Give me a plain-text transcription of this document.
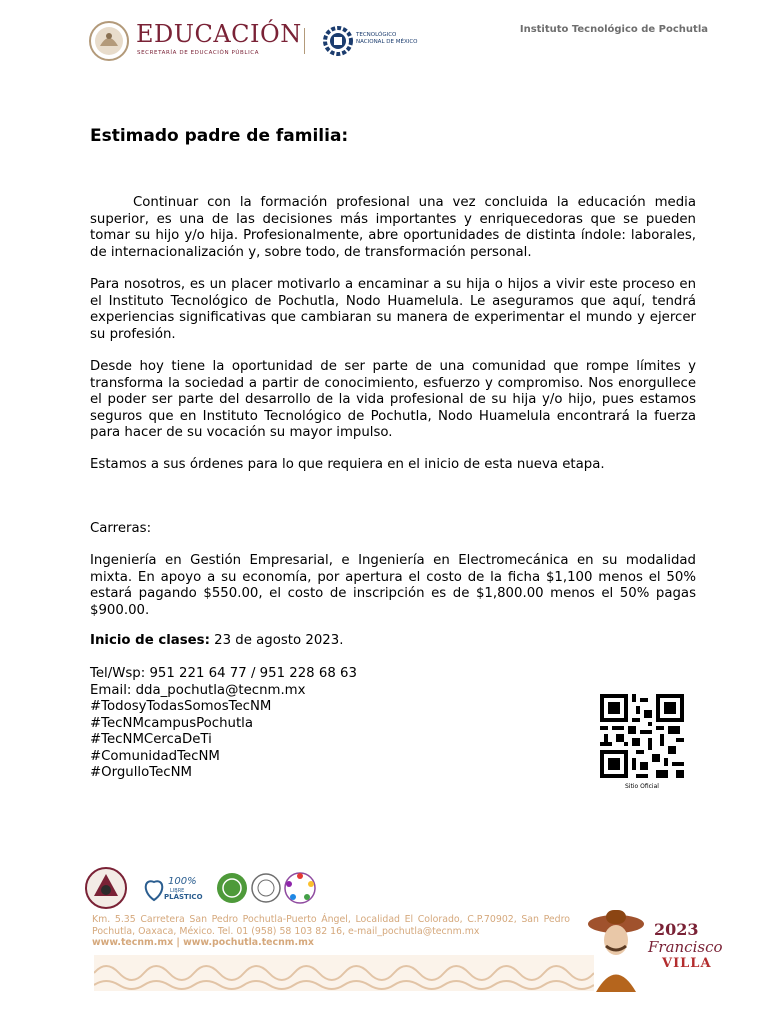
EDUCACIÓN
SECRETARÍA DE EDUCACIÓN PÚBLICA
TECNOLÓGICO
NACIONAL DE MÉXICO
Instituto Tecnológico de Pochutla
Estimado padre de familia:
Continuar con la formación profesional una vez concluida la educación media superior, es una de las decisiones más importantes y enriquecedoras que se pueden tomar su hijo y/o hija. Profesionalmente, abre oportunidades de distinta índole: laborales, de internacionalización y, sobre todo, de transformación personal.
Para nosotros, es un placer motivarlo a encaminar a su hija o hijos a vivir este proceso en el Instituto Tecnológico de Pochutla, Nodo Huamelula. Le aseguramos que aquí, tendrá experiencias significativas que cambiaran su manera de experimentar el mundo y ejercer su profesión.
Desde hoy tiene la oportunidad de ser parte de una comunidad que rompe límites y transforma la sociedad a partir de conocimiento, esfuerzo y compromiso. Nos enorgullece el poder ser parte del desarrollo de la vida profesional de su hija y/o hijo, pues estamos seguros que en Instituto Tecnológico de Pochutla, Nodo Huamelula encontrará la fuerza para hacer de su vocación su mayor impulso.
Estamos a sus órdenes para lo que requiera en el inicio de esta nueva etapa.
Carreras:
Ingeniería en Gestión Empresarial, e Ingeniería en Electromecánica en su modalidad mixta. En apoyo a su economía, por apertura el costo de la ficha $1,100 menos el 50% estará pagando $550.00, el costo de inscripción es de $1,800.00 menos el 50% pagas $900.00.
Inicio de clases: 23 de agosto 2023.
Tel/Wsp: 951 221 64 77 / 951 228 68 63
Email: dda_pochutla@tecnm.mx
#TodosyTodasSomosTecNM
#TecNMcampusPochutla
#TecNMCercaDeTi
#ComunidadTecNM
#OrgulloTecNM
Sitio Oficial
100%
LIBRE
PLÁSTICO
Km. 5.35 Carretera San Pedro Pochutla-Puerto Ángel, Localidad El Colorado, C.P.70902, San Pedro Pochutla, Oaxaca, México. Tel. 01 (958) 58 103 82 16, e-mail_pochutla@tecnm.mx
www.tecnm.mx | www.pochutla.tecnm.mx
2023
Francisco
VILLA
